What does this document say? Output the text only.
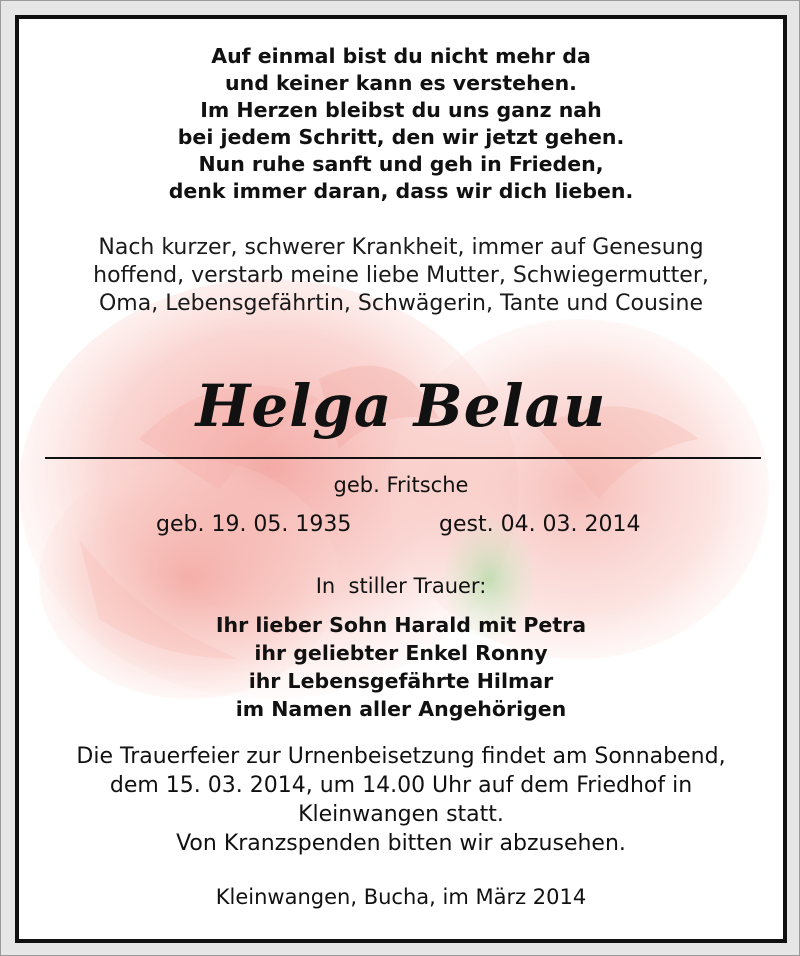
Auf einmal bist du nicht mehr da
und keiner kann es verstehen.
Im Herzen bleibst du uns ganz nah
bei jedem Schritt, den wir jetzt gehen.
Nun ruhe sanft und geh in Frieden,
denk immer daran, dass wir dich lieben.
Nach kurzer, schwerer Krankheit, immer auf Genesung
hoffend, verstarb meine liebe Mutter, Schwiegermutter,
Oma, Lebensgefährtin, Schwägerin, Tante und Cousine
Helga Belau
geb. Fritsche
geb. 19. 05. 1935	gest. 04. 03. 2014
In  stiller Trauer:
Ihr lieber Sohn Harald mit Petra
ihr geliebter Enkel Ronny
ihr Lebensgefährte Hilmar
im Namen aller Angehörigen
Die Trauerfeier zur Urnenbeisetzung findet am Sonnabend,
dem 15. 03. 2014, um 14.00 Uhr auf dem Friedhof in
Kleinwangen statt.
Von Kranzspenden bitten wir abzusehen.
Kleinwangen, Bucha, im März 2014
